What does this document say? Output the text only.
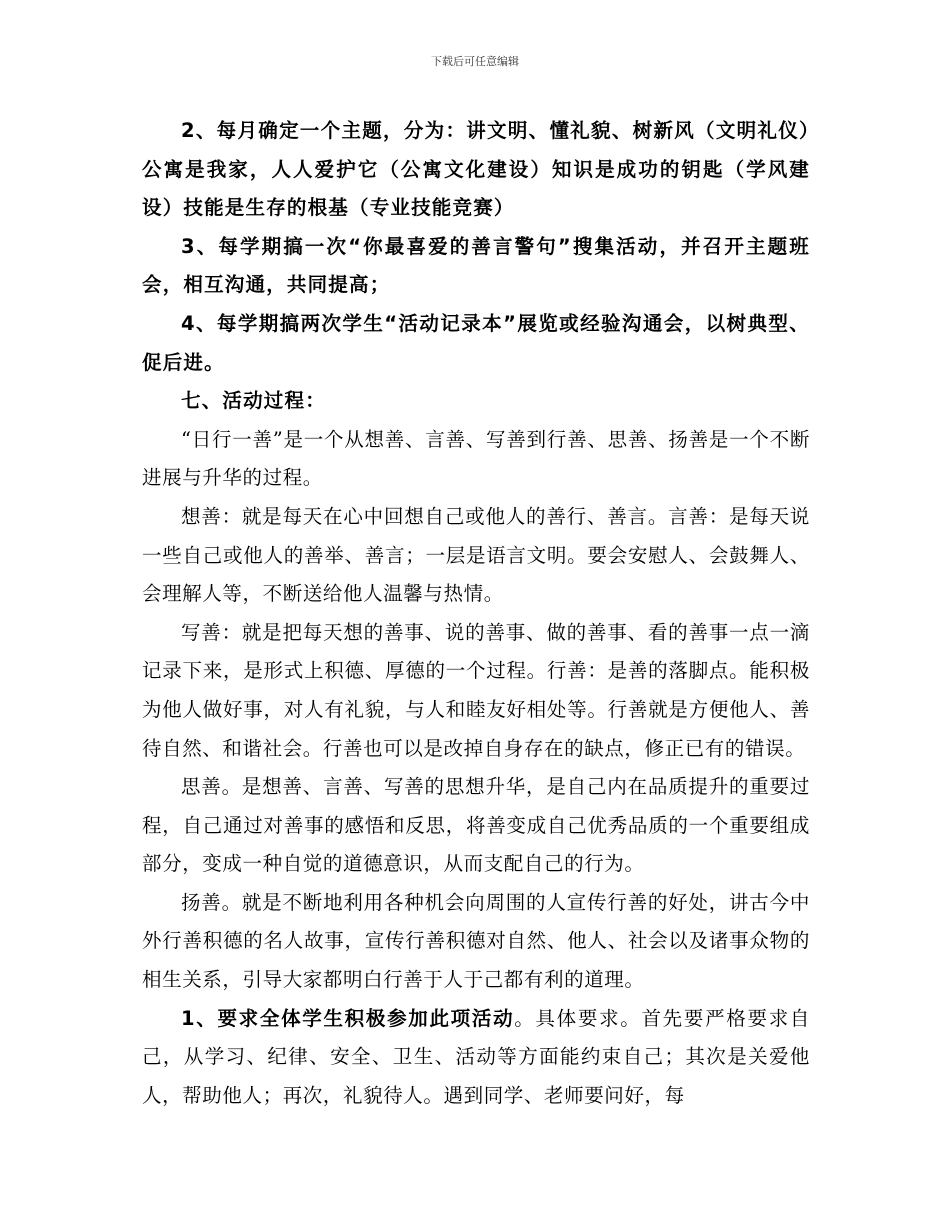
下载后可任意编辑

2、每月确定一个主题，分为：讲文明、懂礼貌、树新风（文明礼仪）公寓是我家，人人爱护它（公寓文化建设）知识是成功的钥匙（学风建设）技能是生存的根基（专业技能竞赛）

3、每学期搞一次“你最喜爱的善言警句”搜集活动，并召开主题班会，相互沟通，共同提高；

4、每学期搞两次学生“活动记录本”展览或经验沟通会，以树典型、促后进。

七、活动过程：

“日行一善”是一个从想善、言善、写善到行善、思善、扬善是一个不断进展与升华的过程。

想善：就是每天在心中回想自己或他人的善行、善言。言善：是每天说一些自己或他人的善举、善言；一层是语言文明。要会安慰人、会鼓舞人、会理解人等，不断送给他人温馨与热情。

写善：就是把每天想的善事、说的善事、做的善事、看的善事一点一滴记录下来，是形式上积德、厚德的一个过程。行善：是善的落脚点。能积极为他人做好事，对人有礼貌，与人和睦友好相处等。行善就是方便他人、善待自然、和谐社会。行善也可以是改掉自身存在的缺点，修正已有的错误。

思善。是想善、言善、写善的思想升华，是自己内在品质提升的重要过程，自己通过对善事的感悟和反思，将善变成自己优秀品质的一个重要组成部分，变成一种自觉的道德意识，从而支配自己的行为。

扬善。就是不断地利用各种机会向周围的人宣传行善的好处，讲古今中外行善积德的名人故事，宣传行善积德对自然、他人、社会以及诸事众物的相生关系，引导大家都明白行善于人于己都有利的道理。

1、要求全体学生积极参加此项活动。具体要求。首先要严格要求自己，从学习、纪律、安全、卫生、活动等方面能约束自己；其次是关爱他人，帮助他人；再次，礼貌待人。遇到同学、老师要问好，每
